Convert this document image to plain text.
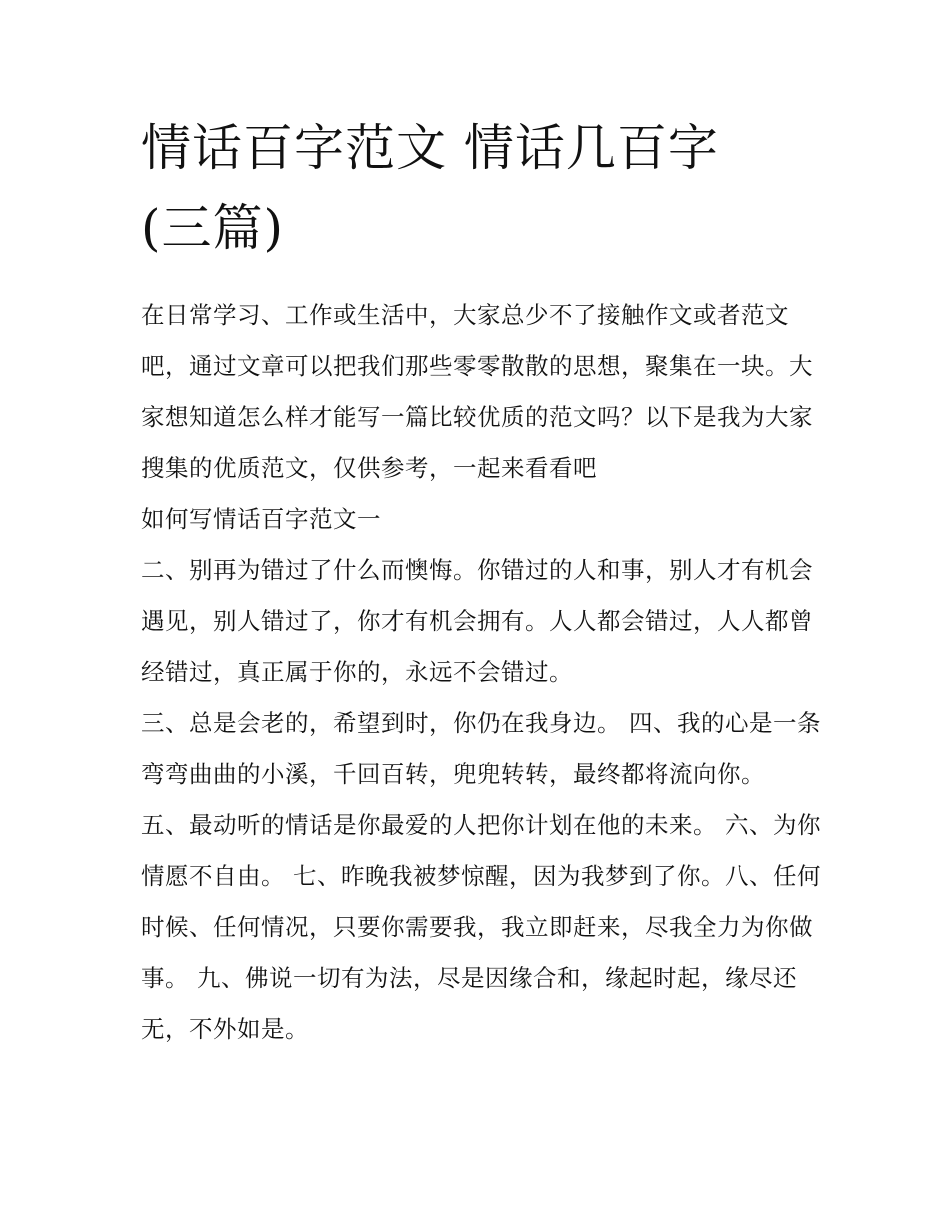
情话百字范文 情话几百字(三篇)

在日常学习、工作或生活中，大家总少不了接触作文或者范文吧，通过文章可以把我们那些零零散散的思想，聚集在一块。大家想知道怎么样才能写一篇比较优质的范文吗？以下是我为大家搜集的优质范文，仅供参考，一起来看看吧

如何写情话百字范文一

二、别再为错过了什么而懊悔。你错过的人和事，别人才有机会遇见，别人错过了，你才有机会拥有。人人都会错过，人人都曾经错过，真正属于你的，永远不会错过。

三、总是会老的，希望到时，你仍在我身边。 四、我的心是一条弯弯曲曲的小溪，千回百转，兜兜转转，最终都将流向你。

五、最动听的情话是你最爱的人把你计划在他的未来。 六、为你情愿不自由。 七、昨晚我被梦惊醒，因为我梦到了你。八、任何时候、任何情况，只要你需要我，我立即赶来，尽我全力为你做事。 九、佛说一切有为法，尽是因缘合和，缘起时起，缘尽还无，不外如是。
